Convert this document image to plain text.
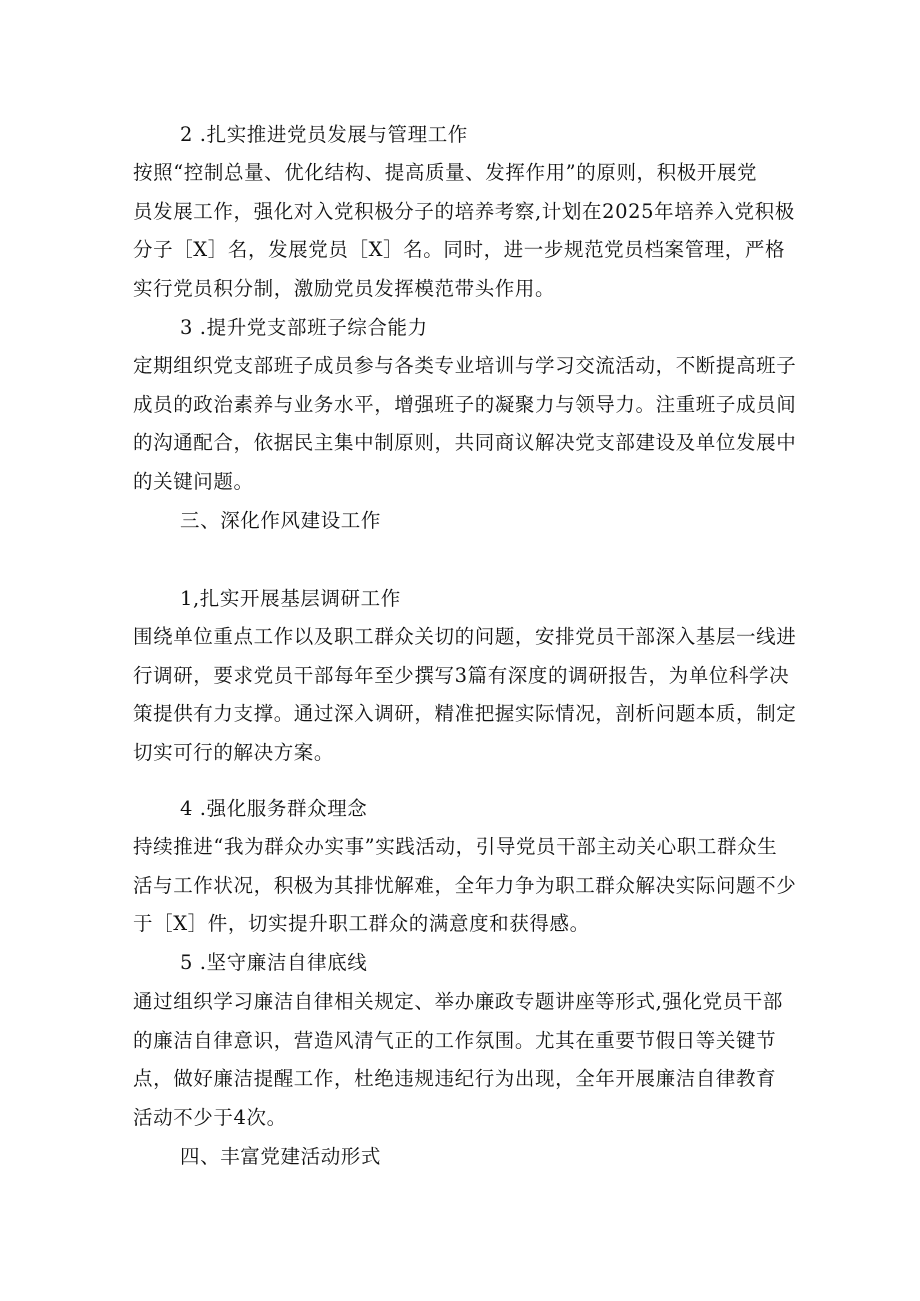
2 .扎实推进党员发展与管理工作

按照“控制总量、优化结构、提高质量、发挥作用”的原则，积极开展党
员发展工作，强化对入党积极分子的培养考察,计划在2025年培养入党积极
分子［X］名，发展党员［X］名。同时，进一步规范党员档案管理，严格
实行党员积分制，激励党员发挥模范带头作用。

3 .提升党支部班子综合能力

定期组织党支部班子成员参与各类专业培训与学习交流活动，不断提高班子
成员的政治素养与业务水平，增强班子的凝聚力与领导力。注重班子成员间
的沟通配合，依据民主集中制原则，共同商议解决党支部建设及单位发展中
的关键问题。

三、深化作风建设工作

1,扎实开展基层调研工作

围绕单位重点工作以及职工群众关切的问题，安排党员干部深入基层一线进
行调研，要求党员干部每年至少撰写3篇有深度的调研报告，为单位科学决
策提供有力支撑。通过深入调研，精准把握实际情况，剖析问题本质，制定
切实可行的解决方案。

4 .强化服务群众理念

持续推进“我为群众办实事”实践活动，引导党员干部主动关心职工群众生
活与工作状况，积极为其排忧解难，全年力争为职工群众解决实际问题不少
于［X］件，切实提升职工群众的满意度和获得感。

5 .坚守廉洁自律底线

通过组织学习廉洁自律相关规定、举办廉政专题讲座等形式,强化党员干部
的廉洁自律意识，营造风清气正的工作氛围。尤其在重要节假日等关键节
点，做好廉洁提醒工作，杜绝违规违纪行为出现，全年开展廉洁自律教育
活动不少于4次。

四、丰富党建活动形式
